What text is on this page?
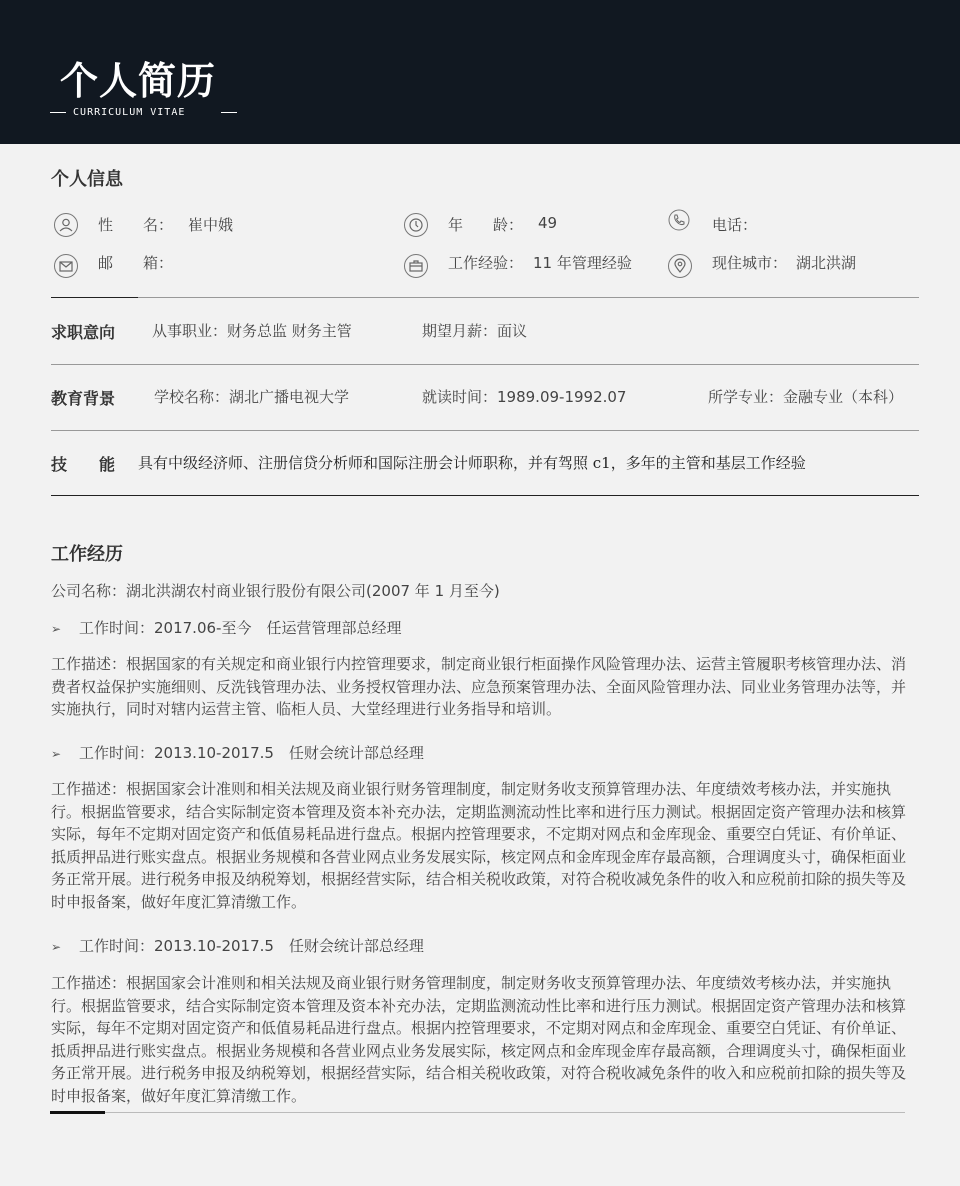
个人简历
CURRICULUM VITAE
个人信息
性　　名： 崔中娥	年　　龄： 49	电话：
邮　　箱：	工作经验： 11 年管理经验	现住城市： 湖北洪湖
求职意向 从事职业：财务总监 财务主管	期望月薪：面议
教育背景	学校名称：湖北广播电视大学	就读时间：1989.09-1992.07	所学专业：金融专业（本科）
技　　能 具有中级经济师、注册信贷分析师和国际注册会计师职称，并有驾照 c1，多年的主管和基层工作经验
工作经历
公司名称：湖北洪湖农村商业银行股份有限公司(2007 年 1 月至今)
➢ 工作时间：2017.06-至今　任运营管理部总经理
工作描述：根据国家的有关规定和商业银行内控管理要求，制定商业银行柜面操作风险管理办法、运营主管履职考核管理办法、消费者权益保护实施细则、反洗钱管理办法、业务授权管理办法、应急预案管理办法、全面风险管理办法、同业业务管理办法等，并实施执行，同时对辖内运营主管、临柜人员、大堂经理进行业务指导和培训。
➢ 工作时间：2013.10-2017.5　任财会统计部总经理
工作描述：根据国家会计准则和相关法规及商业银行财务管理制度，制定财务收支预算管理办法、年度绩效考核办法，并实施执行。根据监管要求，结合实际制定资本管理及资本补充办法，定期监测流动性比率和进行压力测试。根据固定资产管理办法和核算实际，每年不定期对固定资产和低值易耗品进行盘点。根据内控管理要求，不定期对网点和金库现金、重要空白凭证、有价单证、抵质押品进行账实盘点。根据业务规模和各营业网点业务发展实际，核定网点和金库现金库存最高额，合理调度头寸，确保柜面业务正常开展。进行税务申报及纳税筹划，根据经营实际，结合相关税收政策，对符合税收减免条件的收入和应税前扣除的损失等及时申报备案，做好年度汇算清缴工作。
➢ 工作时间：2013.10-2017.5　任财会统计部总经理
工作描述：根据国家会计准则和相关法规及商业银行财务管理制度，制定财务收支预算管理办法、年度绩效考核办法，并实施执行。根据监管要求，结合实际制定资本管理及资本补充办法，定期监测流动性比率和进行压力测试。根据固定资产管理办法和核算实际，每年不定期对固定资产和低值易耗品进行盘点。根据内控管理要求，不定期对网点和金库现金、重要空白凭证、有价单证、抵质押品进行账实盘点。根据业务规模和各营业网点业务发展实际，核定网点和金库现金库存最高额，合理调度头寸，确保柜面业务正常开展。进行税务申报及纳税筹划，根据经营实际，结合相关税收政策，对符合税收减免条件的收入和应税前扣除的损失等及时申报备案，做好年度汇算清缴工作。
